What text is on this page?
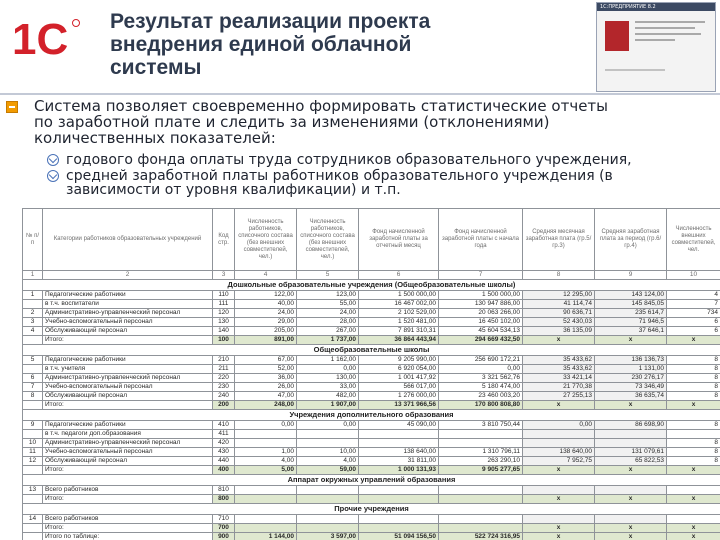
1С Результат реализации проекта
внедрения единой облачной
системы
1С:ПРЕДПРИЯТИЕ 8.2
Система позволяет своевременно формировать статистические отчеты
по заработной плате и следить за изменениями (отклонениями)
количественных показателей:
годового фонда оплаты труда сотрудников образовательного учреждения,
средней заработной платы работников образовательного учреждения (в
зависимости от уровня квалификации) и т.п.
№ п/п	Категории работников образовательных учреждений	Код стр.	Численность работников, списочного состава (без внешних совместителей, чел.)	Численность работников, списочного состава (без внешних совместителей, чел.)	Фонд начисленной заработной платы за отчетный месяц	Фонд начисленной заработной платы с начала года	Средняя месячная заработная плата (гр.5/гр.3)	Средняя заработная плата за период (гр.6/гр.4)	Численность внешних совместителей, чел.
1	2	3	4	5	6	7	8	9	10
Дошкольные образовательные учреждения (Общеобразовательные школы)									
1	Педагогические работники	110	122,00	123,00	1 500 000,00	1 500 000,00	12 295,00	143 124,00	4
	в т.ч. воспитатели	111	40,00	55,00	16 467 002,00	130 947 886,00	41 114,74	145 845,05	7
2	Административно-управленческий персонал	120	24,00	24,00	2 102 529,00	20 063 266,00	90 636,71	235 614,7	734
3	Учебно-вспомогательный персонал	130	29,00	28,00	1 520 481,00	16 450 102,00	52 430,03	71 946,5	6
4	Обслуживающий персонал	140	205,00	267,00	7 891 310,31	45 604 534,13	36 135,09	37 646,1	6
	Итого:	100	891,00	1 737,00	36 864 443,94	294 669 432,50	x	x	x
Общеобразовательные школы									
5	Педагогические работники	210	67,00	1 162,00	9 205 990,00	256 690 172,21	35 433,62	136 136,73	8
	в т.ч. учителя	211	52,00	0,00	6 920 054,00	0,00	35 433,62	1 131,00	8
6	Административно-управленческий персонал	220	36,00	130,00	1 001 417,92	3 321 562,76	33 421,14	230 276,17	8
7	Учебно-вспомогательный персонал	230	26,00	33,00	566 017,00	5 180 474,00	21 770,38	73 346,49	8
8	Обслуживающий персонал	240	47,00	482,00	1 276 000,00	23 460 003,20	27 255,13	36 635,74	8
	Итого:	200	248,00	1 907,00	13 371 966,56	170 800 808,80	x	x	x
Учреждения дополнительного образования									
9	Педагогические работники	410	0,00	0,00	45 090,00	3 810 750,44	0,00	86 698,90	8
	в т.ч. педагоги доп.образования	411							
10	Административно-управленческий персонал	420							8
11	Учебно-вспомогательный персонал	430	1,00	10,00	138 640,00	1 310 796,11	138 640,00	131 079,61	8
12	Обслуживающий персонал	440	4,00	4,00	31 811,00	263 290,10	7 952,75	65 822,53	8
	Итого:	400	5,00	59,00	1 000 131,93	9 905 277,65	x	x	x
Аппарат окружных управлений образования									
13	Всего работников	810							
	Итого:	800					x	x	x
Прочие учреждения									
14	Всего работников	710							
	Итого:	700					x	x	x
	Итого по таблице:	900	1 144,00	3 597,00	51 094 156,50	522 724 316,95	x	x	x
